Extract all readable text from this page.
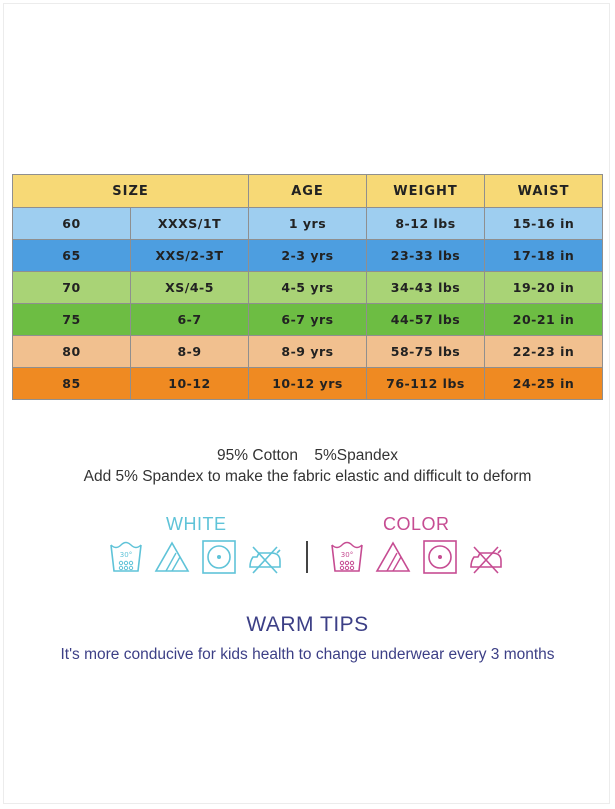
SIZE		AGE	WEIGHT	WAIST
60	XXXS/1T	1 yrs	8-12 lbs	15-16 in
65	XXS/2-3T	2-3 yrs	23-33 lbs	17-18 in
70	XS/4-5	4-5 yrs	34-43 lbs	19-20 in
75	6-7	6-7 yrs	44-57 lbs	20-21 in
80	8-9	8-9 yrs	58-75 lbs	22-23 in
85	10-12	10-12 yrs	76-112 lbs	24-25 in
95% Cotton 5%Spandex
Add 5% Spandex to make the fabric elastic and difficult to deform
WHITE	COLOR
30°
	30°

WARM TIPS
It's more conducive for kids health to change underwear every 3 months
